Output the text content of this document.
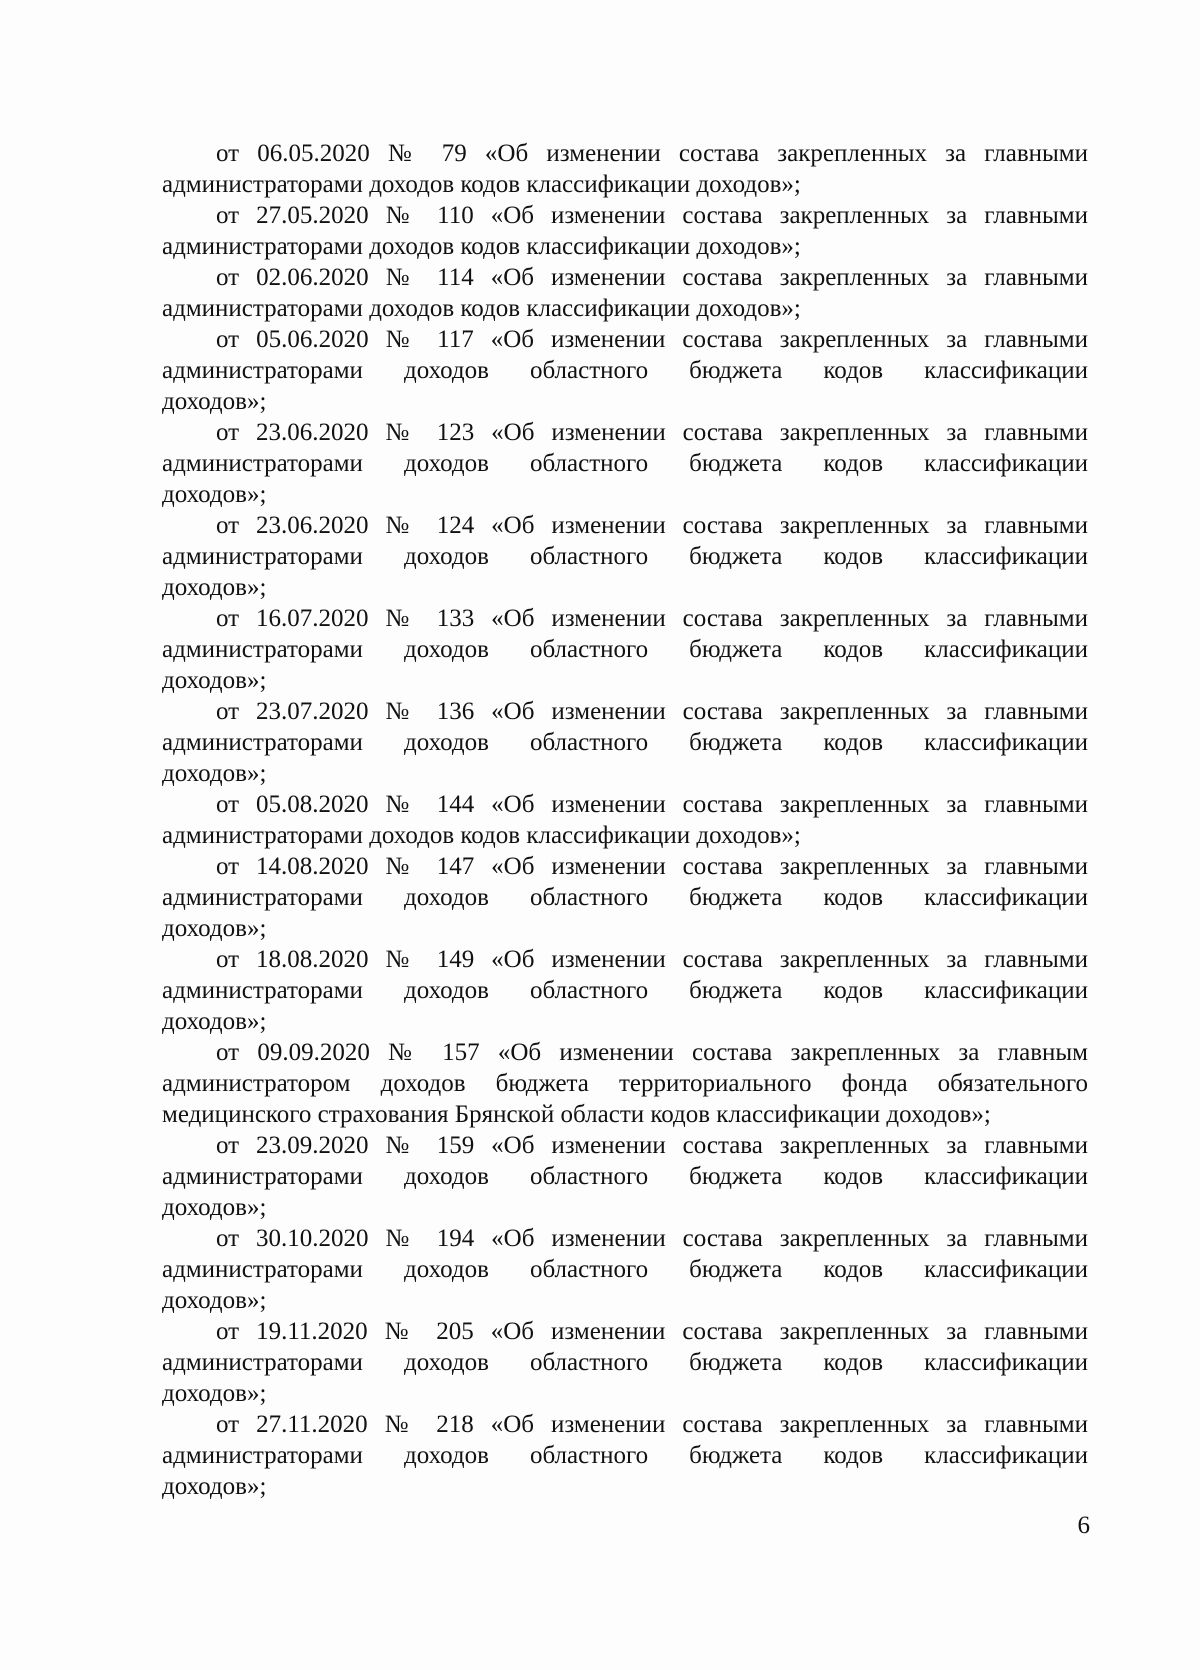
от 06.05.2020 № 79 «Об изменении состава закрепленных за главными
администраторами доходов кодов классификации доходов»;
от 27.05.2020 № 110 «Об изменении состава закрепленных за главными
администраторами доходов кодов классификации доходов»;
от 02.06.2020 № 114 «Об изменении состава закрепленных за главными
администраторами доходов кодов классификации доходов»;
от 05.06.2020 № 117 «Об изменении состава закрепленных за главными
администраторами доходов областного бюджета кодов классификации
доходов»;
от 23.06.2020 № 123 «Об изменении состава закрепленных за главными
администраторами доходов областного бюджета кодов классификации
доходов»;
от 23.06.2020 № 124 «Об изменении состава закрепленных за главными
администраторами доходов областного бюджета кодов классификации
доходов»;
от 16.07.2020 № 133 «Об изменении состава закрепленных за главными
администраторами доходов областного бюджета кодов классификации
доходов»;
от 23.07.2020 № 136 «Об изменении состава закрепленных за главными
администраторами доходов областного бюджета кодов классификации
доходов»;
от 05.08.2020 № 144 «Об изменении состава закрепленных за главными
администраторами доходов кодов классификации доходов»;
от 14.08.2020 № 147 «Об изменении состава закрепленных за главными
администраторами доходов областного бюджета кодов классификации
доходов»;
от 18.08.2020 № 149 «Об изменении состава закрепленных за главными
администраторами доходов областного бюджета кодов классификации
доходов»;
от 09.09.2020 № 157 «Об изменении состава закрепленных за главным
администратором доходов бюджета территориального фонда обязательного
медицинского страхования Брянской области кодов классификации доходов»;
от 23.09.2020 № 159 «Об изменении состава закрепленных за главными
администраторами доходов областного бюджета кодов классификации
доходов»;
от 30.10.2020 № 194 «Об изменении состава закрепленных за главными
администраторами доходов областного бюджета кодов классификации
доходов»;
от 19.11.2020 № 205 «Об изменении состава закрепленных за главными
администраторами доходов областного бюджета кодов классификации
доходов»;
от 27.11.2020 № 218 «Об изменении состава закрепленных за главными
администраторами доходов областного бюджета кодов классификации
доходов»;
6
